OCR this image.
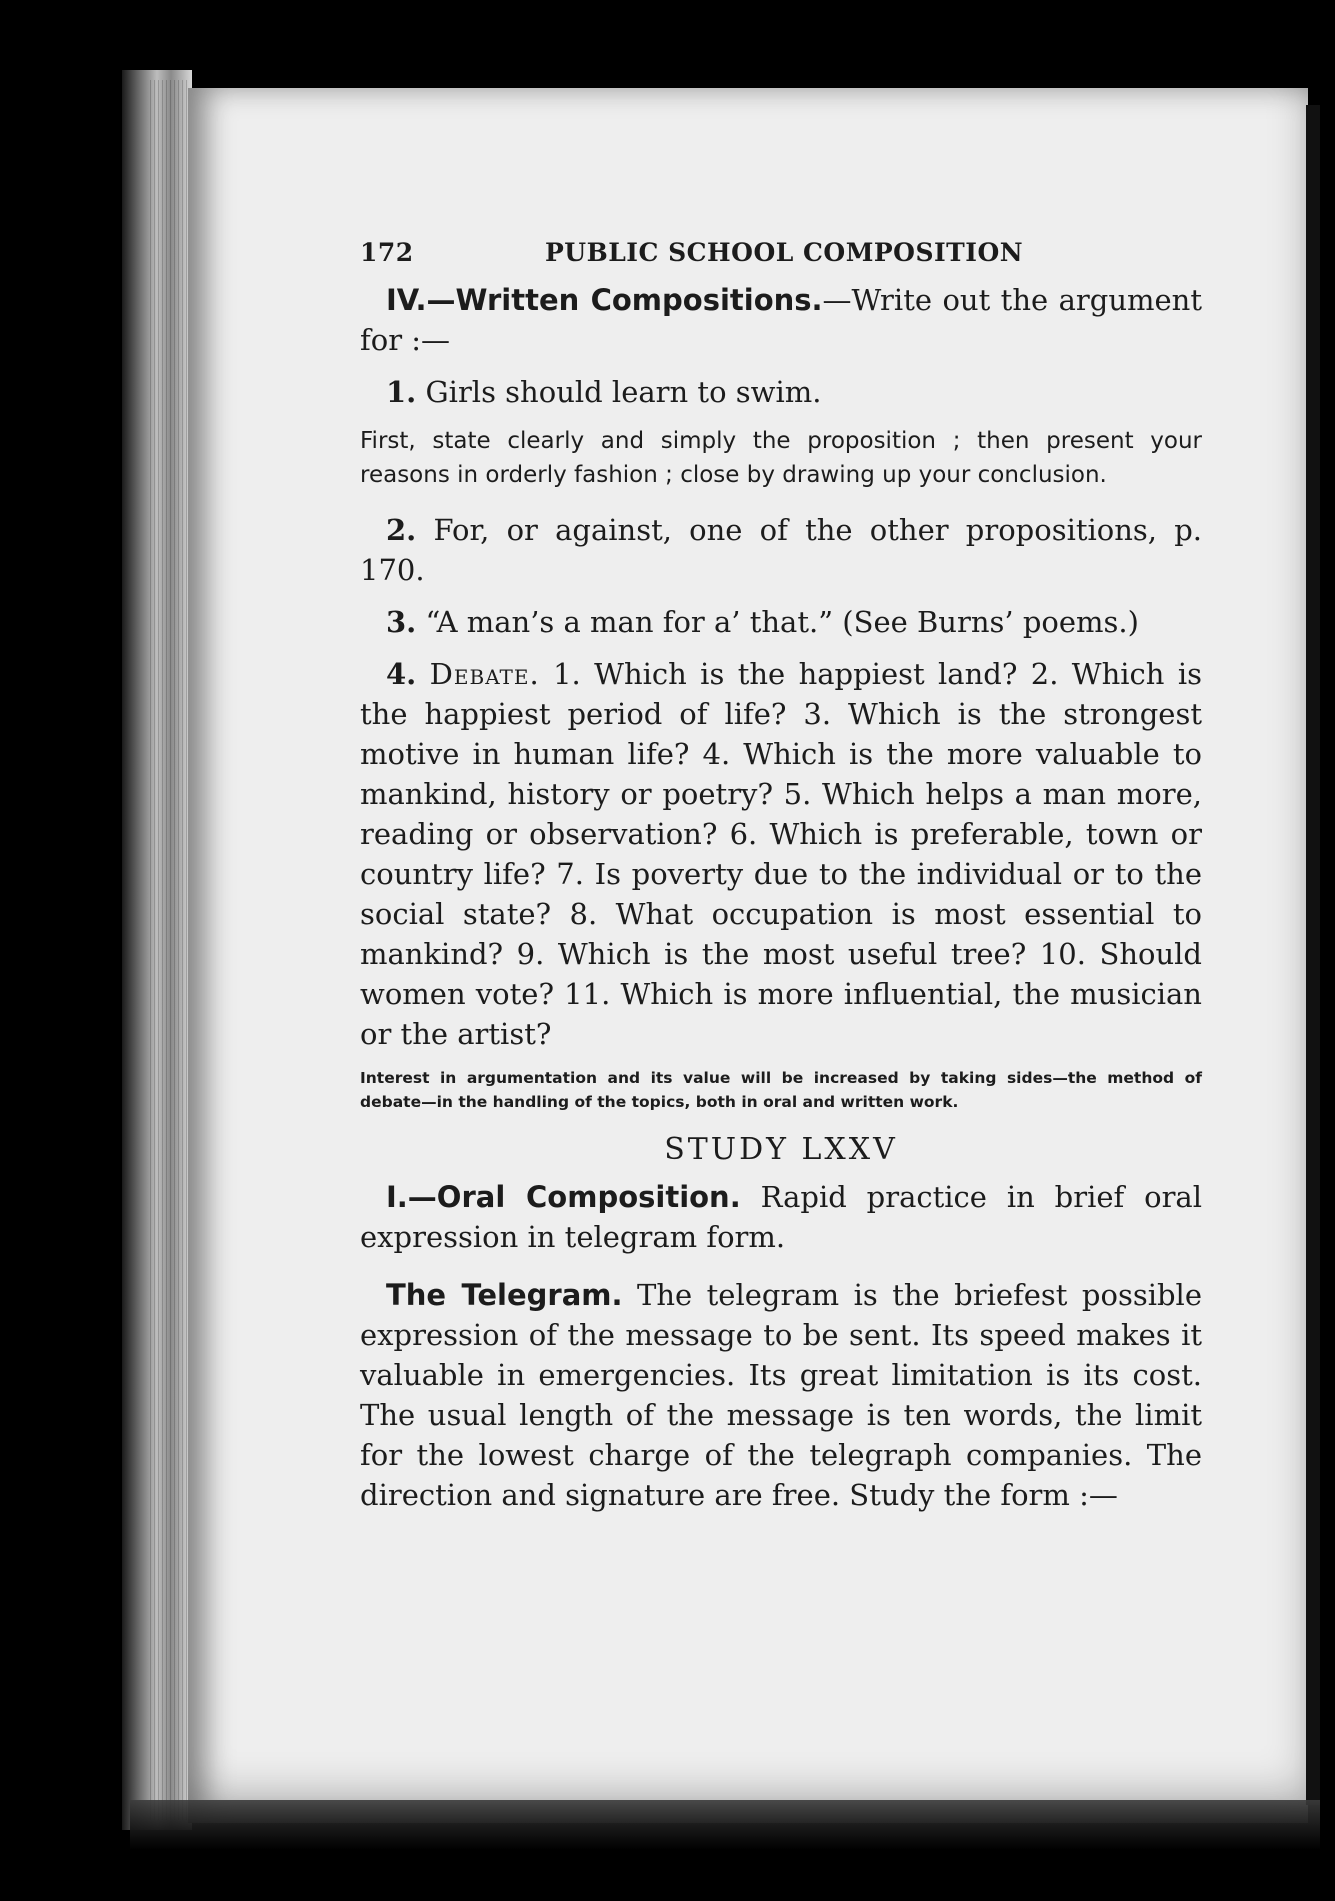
172	PUBLIC SCHOOL COMPOSITION

IV.—Written Compositions.—Write out the argument for :—

1. Girls should learn to swim.

First, state clearly and simply the proposition ; then present your reasons in orderly fashion ; close by drawing up your conclusion.

2. For, or against, one of the other propositions, p. 170.

3. “A man’s a man for a’ that.” (See Burns’ poems.)

4. Debate. 1. Which is the happiest land? 2. Which is the happiest period of life? 3. Which is the strongest motive in human life? 4. Which is the more valuable to mankind, history or poetry? 5. Which helps a man more, reading or observation? 6. Which is preferable, town or country life? 7. Is poverty due to the individual or to the social state? 8. What occupation is most essential to mankind? 9. Which is the most useful tree? 10. Should women vote? 11. Which is more influential, the musician or the artist?

Interest in argumentation and its value will be increased by taking sides—the method of debate—in the handling of the topics, both in oral and written work.

STUDY LXXV

I.—Oral Composition. Rapid practice in brief oral expression in telegram form.

The Telegram. The telegram is the briefest possible expression of the message to be sent. Its speed makes it valuable in emergencies. Its great limitation is its cost. The usual length of the message is ten words, the limit for the lowest charge of the telegraph companies. The direction and signature are free. Study the form :—
